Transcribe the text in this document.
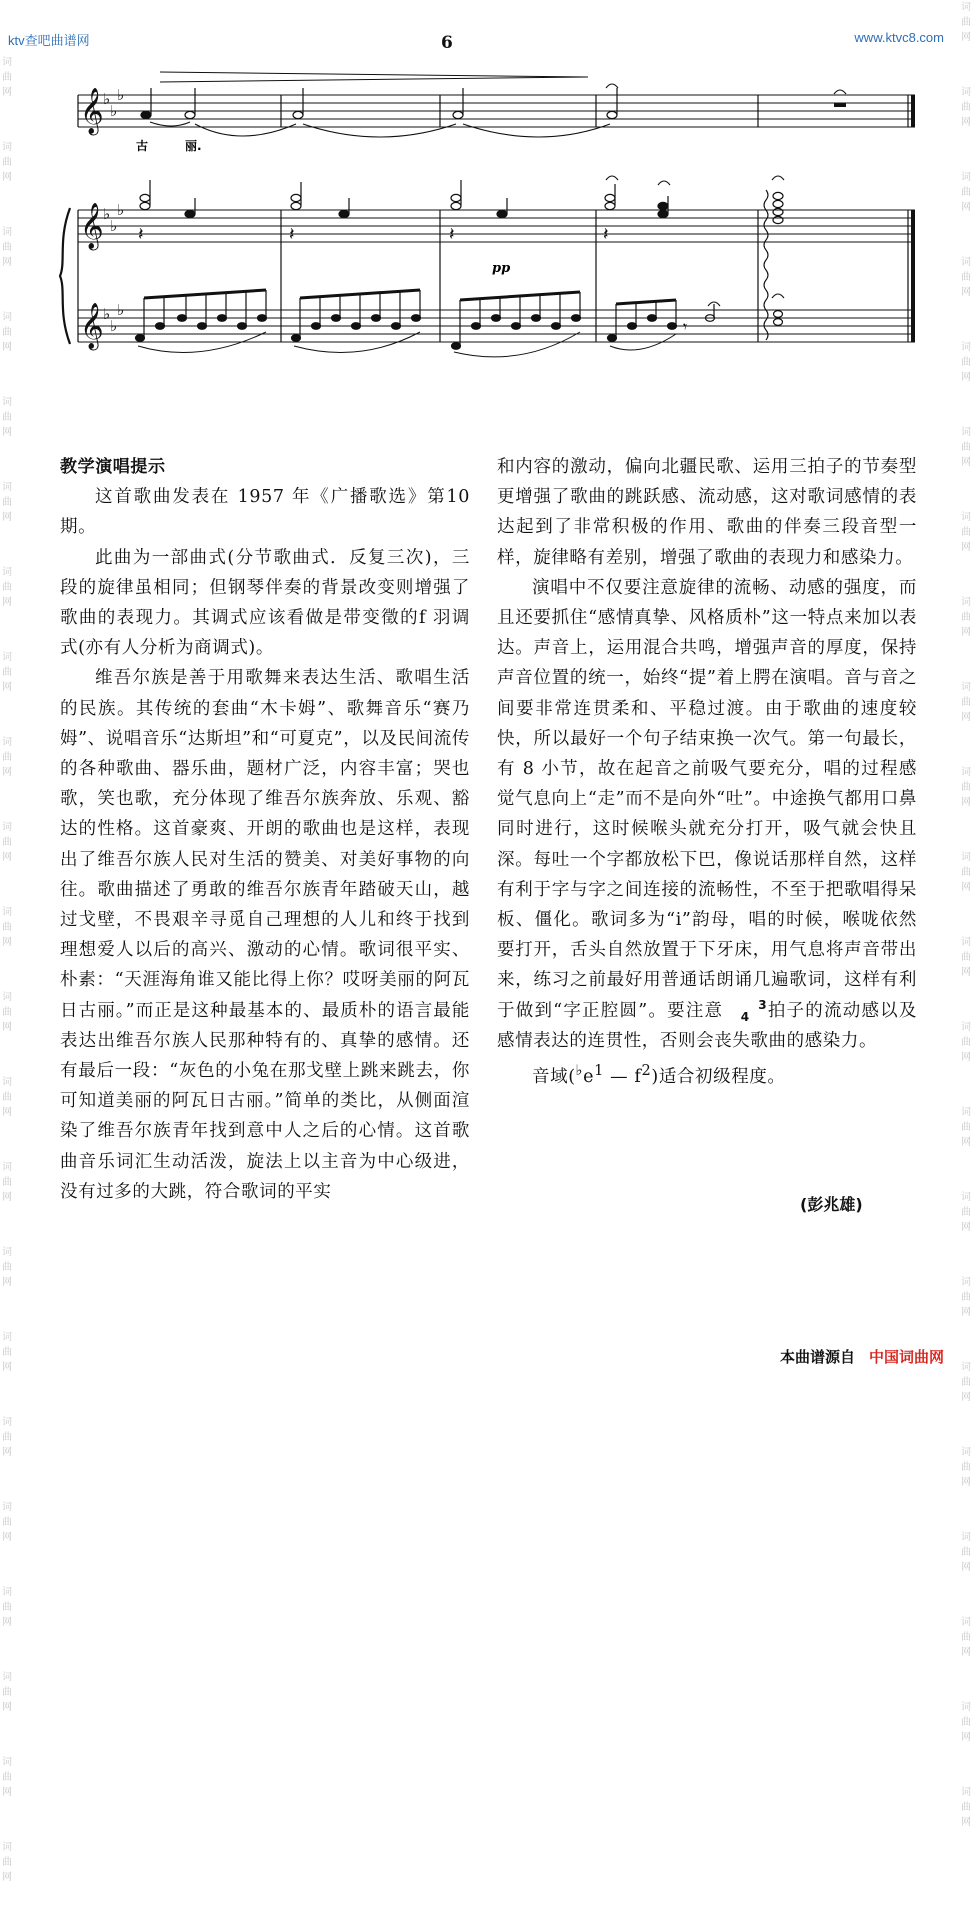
词
曲
网
词
曲
网
词
曲
网
词
曲
网
词
曲
网
词
曲
网
词
曲
网
词
曲
网
词
曲
网
词
曲
网
词
曲
网
词
曲
网
词
曲
网
词
曲
网
词
曲
网
词
曲
网
词
曲
网
词
曲
网
词
曲
网
词
曲
网
词
曲
网
词
曲
网
词
曲
网
词
曲
网
词
曲
网
词
曲
网
词
曲
网
词
曲
网
词
曲
网
词
曲
网
词
曲
网
词
曲
网
词
曲
网
词
曲
网
词
曲
网
词
曲
网
词
曲
网
词
曲
网
词
曲
网
词
曲
网
词
曲
网
词
曲
网
词
曲
网
词
曲
网
ktv查吧曲谱网	www.ktvc8.com
6
𝄞
𝄞
𝄞
♭
♭
♭
♭
♭
♭
♭
♭
♭
古	丽.
𝄽	𝄽	𝄽	𝄽
pp
𝄾

教学演唱提示

这首歌曲发表在 1957 年《广播歌选》第10 期。

此曲为一部曲式(分节歌曲式．反复三次)，三段的旋律虽相同；但钢琴伴奏的背景改变则增强了歌曲的表现力。其调式应该看做是带变徵的f 羽调式(亦有人分析为商调式)。

维吾尔族是善于用歌舞来表达生活、歌唱生活的民族。其传统的套曲“木卡姆”、歌舞音乐“赛乃姆”、说唱音乐“达斯坦”和“可夏克”，以及民间流传的各种歌曲、器乐曲，题材广泛，内容丰富；哭也歌，笑也歌，充分体现了维吾尔族奔放、乐观、豁达的性格。这首豪爽、开朗的歌曲也是这样，表现出了维吾尔族人民对生活的赞美、对美好事物的向往。歌曲描述了勇敢的维吾尔族青年踏破天山，越过戈壁，不畏艰辛寻觅自己理想的人儿和终于找到理想爱人以后的高兴、激动的心情。歌词很平实、朴素：“天涯海角谁又能比得上你？哎呀美丽的阿瓦日古丽。”而正是这种最基本的、最质朴的语言最能表达出维吾尔族人民那种特有的、真挚的感情。还有最后一段：“灰色的小兔在那戈壁上跳来跳去，你可知道美丽的阿瓦日古丽。”简单的类比，从侧面渲染了维吾尔族青年找到意中人之后的心情。这首歌曲音乐词汇生动活泼，旋法上以主音为中心级进，没有过多的大跳，符合歌词的平实

和内容的激动，偏向北疆民歌、运用三拍子的节奏型更增强了歌曲的跳跃感、流动感，这对歌词感情的表达起到了非常积极的作用、歌曲的伴奏三段音型一样，旋律略有差别，增强了歌曲的表现力和感染力。

演唱中不仅要注意旋律的流畅、动感的强度，而且还要抓住“感情真挚、风格质朴”这一特点来加以表达。声音上，运用混合共鸣，增强声音的厚度，保持声音位置的统一，始终“提”着上腭在演唱。音与音之间要非常连贯柔和、平稳过渡。由于歌曲的速度较快，所以最好一个句子结束换一次气。第一句最长，有 8 小节，故在起音之前吸气要充分，唱的过程感觉气息向上“走”而不是向外“吐”。中途换气都用口鼻同时进行，这时候喉头就充分打开，吸气就会快且深。每吐一个字都放松下巴，像说话那样自然，这样有利于字与字之间连接的流畅性，不至于把歌唱得呆板、僵化。歌词多为“i”韵母，唱的时候，喉咙依然要打开，舌头自然放置于下牙床，用气息将声音带出来，练习之前最好用普通话朗诵几遍歌词，这样有利于做到“字正腔圆”。要注意	3
4 拍子的流动感以及感情表达的连贯性，否则会丧失歌曲的感染力。

音域($^♭e^1$ — $f^2$)适合初级程度。

(彭兆雄)
本曲谱源自 中国词曲网
